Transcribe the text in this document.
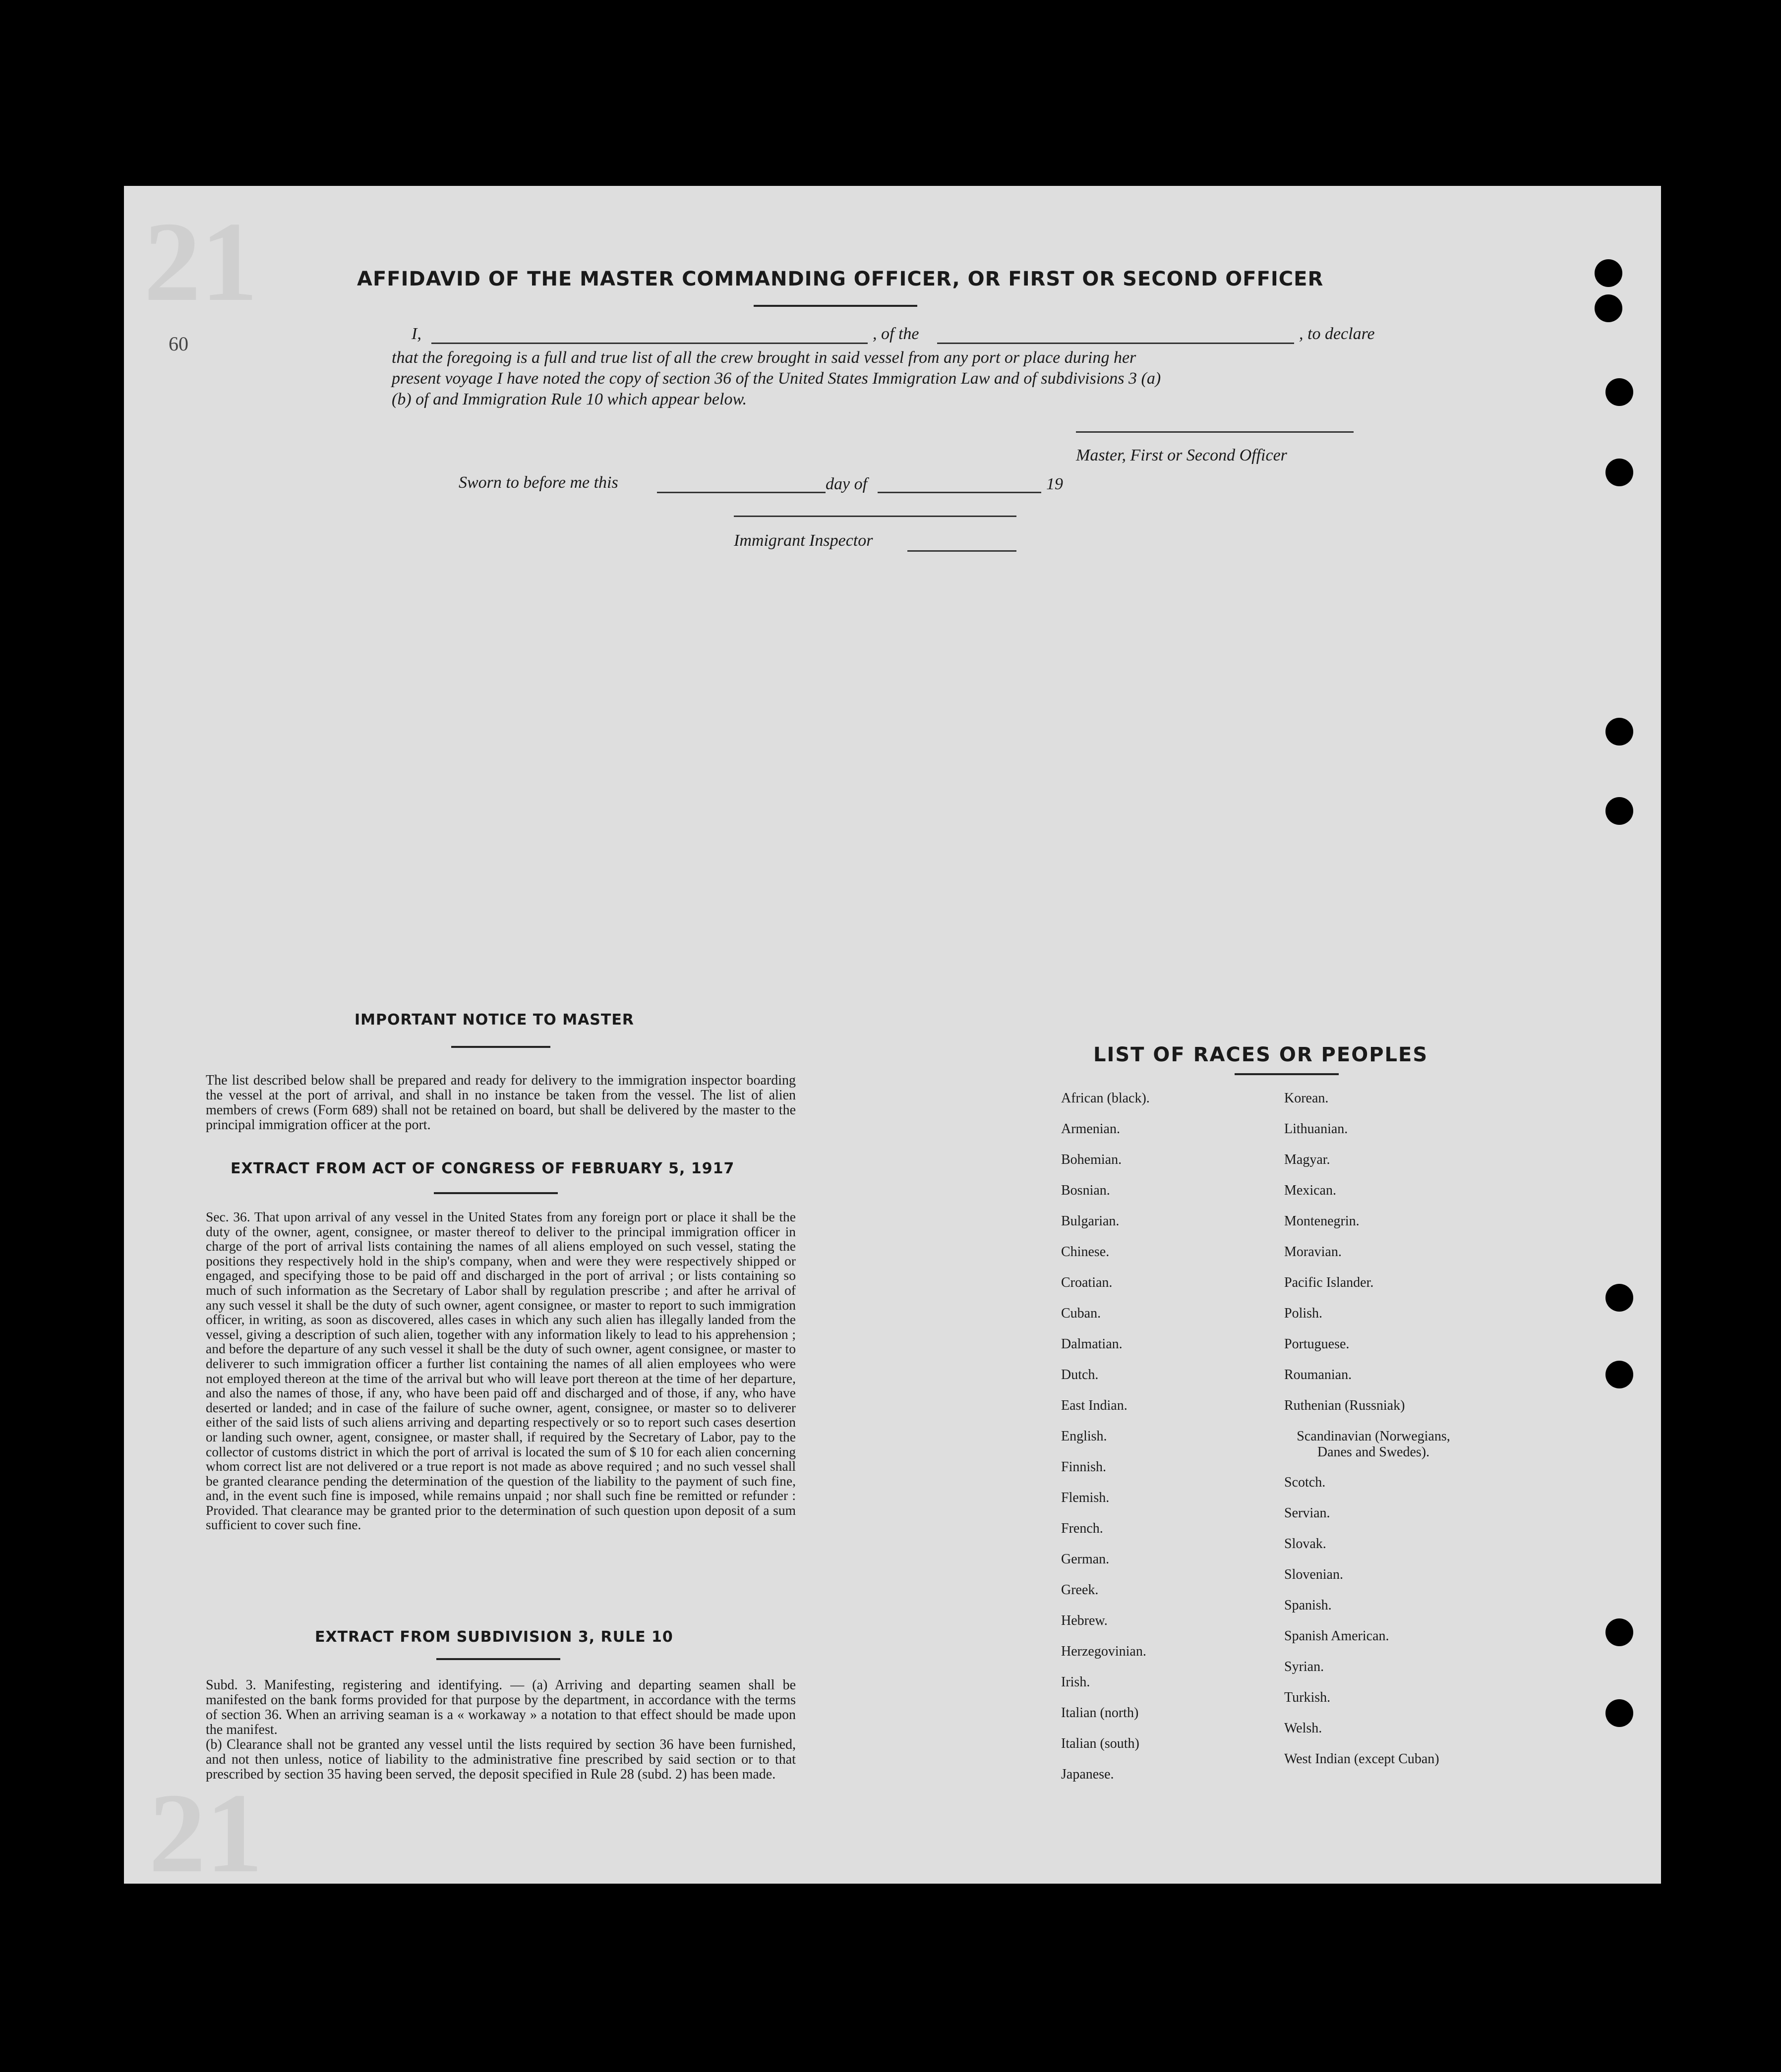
21
21
60
AFFIDAVID OF THE MASTER COMMANDING OFFICER, OR FIRST OR SECOND OFFICER
I,	, of the	, to declare
that the foregoing is a full and true list of all the crew brought in said vessel from any port or place during her
present voyage I have noted the copy of section 36 of the United States Immigration Law and of subdivisions 3 (a)
(b) of and Immigration Rule 10 which appear below.
Master, First or Second Officer
Sworn to before me this	day of	19
Immigrant Inspector
IMPORTANT NOTICE TO MASTER
The list described below shall be prepared and ready for delivery to the immigration inspector boarding the vessel at the port of arrival, and shall in no instance be taken from the vessel. The list of alien members of crews (Form 689) shall not be retained on board, but shall be delivered by the master to the principal immigration officer at the port.
EXTRACT FROM ACT OF CONGRESS OF FEBRUARY 5, 1917
Sec. 36. That upon arrival of any vessel in the United States from any foreign port or place it shall be the duty of the owner, agent, consignee, or master thereof to deliver to the principal immigration officer in charge of the port of arrival lists containing the names of all aliens employed on such vessel, stating the positions they respectively hold in the ship's company, when and were they were respectively shipped or engaged, and specifying those to be paid off and discharged in the port of arrival ; or lists containing so much of such information as the Secretary of Labor shall by regulation prescribe ; and after he arrival of any such vessel it shall be the duty of such owner, agent consignee, or master to report to such immigration officer, in writing, as soon as discovered, alles cases in which any such alien has illegally landed from the vessel, giving a description of such alien, together with any information likely to lead to his apprehension ; and before the departure of any such vessel it shall be the duty of such owner, agent consignee, or master to deliverer to such immigration officer a further list containing the names of all alien employees who were not employed thereon at the time of the arrival but who will leave port thereon at the time of her departure, and also the names of those, if any, who have been paid off and discharged and of those, if any, who have deserted or landed; and in case of the failure of suche owner, agent, consignee, or master so to deliverer either of the said lists of such aliens arriving and departing respectively or so to report such cases desertion or landing such owner, agent, consignee, or master shall, if required by the Secretary of Labor, pay to the collector of customs district in which the port of arrival is located the sum of $ 10 for each alien concerning whom correct list are not delivered or a true report is not made as above required ; and no such vessel shall be granted clearance pending the determination of the question of the liability to the payment of such fine, and, in the event such fine is imposed, while remains unpaid ; nor shall such fine be remitted or refunder : Provided. That clearance may be granted prior to the determination of such question upon deposit of a sum sufficient to cover such fine.
EXTRACT FROM SUBDIVISION 3, RULE 10
Subd. 3. Manifesting, registering and identifying. — (a) Arriving and departing seamen shall be manifested on the bank forms provided for that purpose by the department, in accordance with the terms of section 36. When an arriving seaman is a « workaway » a notation to that effect should be made upon the manifest.
(b) Clearance shall not be granted any vessel until the lists required by section 36 have been furnished, and not then unless, notice of liability to the administrative fine prescribed by said section or to that prescribed by section 35 having been served, the deposit specified in Rule 28 (subd. 2) has been made.
LIST OF RACES OR PEOPLES
African (black).
Armenian.
Bohemian.
Bosnian.
Bulgarian.
Chinese.
Croatian.
Cuban.
Dalmatian.
Dutch.
East Indian.
English.
Finnish.
Flemish.
French.
German.
Greek.
Hebrew.
Herzegovinian.
Irish.
Italian (north)
Italian (south)
Japanese.
Korean.
Lithuanian.
Magyar.
Mexican.
Montenegrin.
Moravian.
Pacific Islander.
Polish.
Portuguese.
Roumanian.
Ruthenian (Russniak)
Scandinavian (Norwegians, Danes and Swedes).
Scotch.
Servian.
Slovak.
Slovenian.
Spanish.
Spanish American.
Syrian.
Turkish.
Welsh.
West Indian (except Cuban)
